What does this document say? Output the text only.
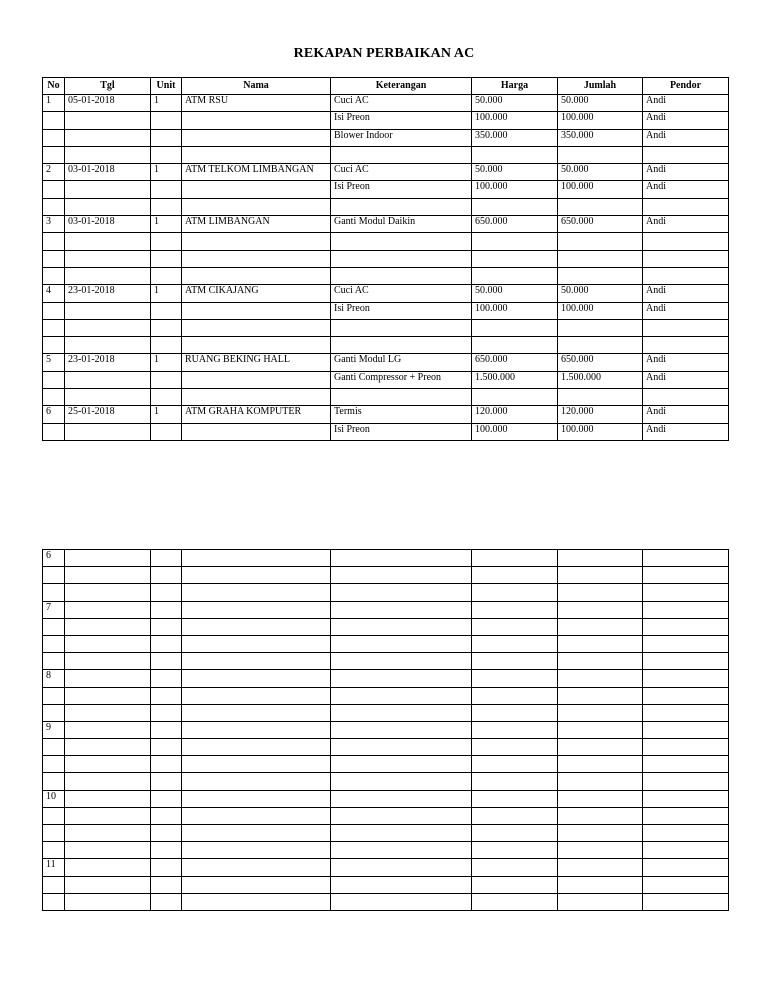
REKAPAN PERBAIKAN AC
No	Tgl	Unit	Nama	Keterangan	Harga	Jumlah	Pendor
1	05-01-2018	1	ATM RSU	Cuci AC	50.000	50.000	Andi
				Isi Preon	100.000	100.000	Andi
				Blower Indoor	350.000	350.000	Andi

2	03-01-2018	1	ATM TELKOM LIMBANGAN	Cuci AC	50.000	50.000	Andi
				Isi Preon	100.000	100.000	Andi

3	03-01-2018	1	ATM LIMBANGAN	Ganti Modul Daikin	650.000	650.000	Andi

4	23-01-2018	1	ATM CIKAJANG	Cuci AC	50.000	50.000	Andi
				Isi Preon	100.000	100.000	Andi

5	23-01-2018	1	RUANG BEKING HALL	Ganti Modul LG	650.000	650.000	Andi
				Ganti Compressor + Preon	1.500.000	1.500.000	Andi

6	25-01-2018	1	ATM GRAHA KOMPUTER	Termis	120.000	120.000	Andi
				Isi Preon	100.000	100.000	Andi
6							

7							

8							

9							

10							

11							
